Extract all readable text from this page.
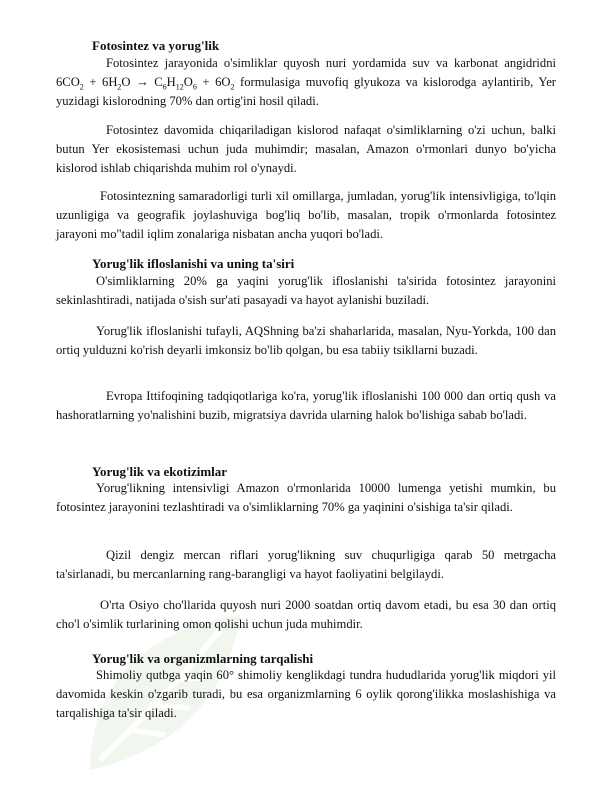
Fotosintez va yorug'lik

Fotosintez jarayonida o'simliklar quyosh nuri yordamida suv va karbonat angidridni $6CO_2 + 6H_2O \to C_6H_{12}O_6 + 6O_2$ formulasiga muvofiq glyukoza va kislorodga aylantirib, Yer yuzidagi kislorodning 70% dan ortig'ini hosil qiladi.

Fotosintez davomida chiqariladigan kislorod nafaqat o'simliklarning o'zi uchun, balki butun Yer ekosistemasi uchun juda muhimdir; masalan, Amazon o'rmonlari dunyo bo'yicha kislorod ishlab chiqarishda muhim rol o'ynaydi.

Fotosintezning samaradorligi turli xil omillarga, jumladan, yorug'lik intensivligiga, to'lqin uzunligiga va geografik joylashuviga bog'liq bo'lib, masalan, tropik o'rmonlarda fotosintez jarayoni mo"tadil iqlim zonalariga nisbatan ancha yuqori bo'ladi.

Yorug'lik ifloslanishi va uning ta'siri

O'simliklarning 20% ga yaqini yorug'lik ifloslanishi ta'sirida fotosintez jarayonini sekinlashtiradi, natijada o'sish sur'ati pasayadi va hayot aylanishi buziladi.

Yorug'lik ifloslanishi tufayli, AQShning ba'zi shaharlarida, masalan, Nyu-Yorkda, 100 dan ortiq yulduzni ko'rish deyarli imkonsiz bo'lib qolgan, bu esa tabiiy tsikllarni buzadi.

Evropa Ittifoqining tadqiqotlariga ko'ra, yorug'lik ifloslanishi 100 000 dan ortiq qush va hashoratlarning yo'nalishini buzib, migratsiya davrida ularning halok bo'lishiga sabab bo'ladi.

Yorug'lik va ekotizimlar

Yorug'likning intensivligi Amazon o'rmonlarida 10000 lumenga yetishi mumkin, bu fotosintez jarayonini tezlashtiradi va o'simliklarning 70% ga yaqinini o'sishiga ta'sir qiladi.

Qizil dengiz mercan riflari yorug'likning suv chuqurligiga qarab 50 metrgacha ta'sirlanadi, bu mercanlarning rang-barangligi va hayot faoliyatini belgilaydi.

O'rta Osiyo cho'llarida quyosh nuri 2000 soatdan ortiq davom etadi, bu esa 30 dan ortiq cho'l o'simlik turlarining omon qolishi uchun juda muhimdir.

Yorug'lik va organizmlarning tarqalishi

Shimoliy qutbga yaqin 60° shimoliy kenglikdagi tundra hududlarida yorug'lik miqdori yil davomida keskin o'zgarib turadi, bu esa organizmlarning 6 oylik qorong'ilikka moslashishiga va tarqalishiga ta'sir qiladi.
